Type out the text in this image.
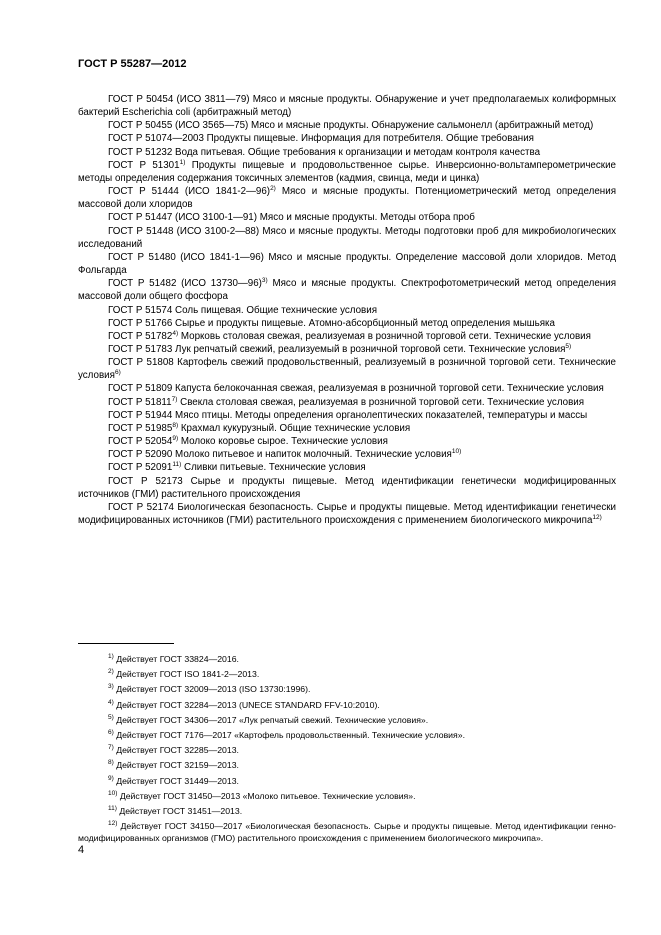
ГОСТ Р 55287—2012

ГОСТ Р 50454 (ИСО 3811—79) Мясо и мясные продукты. Обнаружение и учет предполагаемых колиформных бактерий Escherichia coli (арбитражный метод)

ГОСТ Р 50455 (ИСО 3565—75) Мясо и мясные продукты. Обнаружение сальмонелл (арбитражный метод)

ГОСТ Р 51074—2003 Продукты пищевые. Информация для потребителя. Общие требования

ГОСТ Р 51232 Вода питьевая. Общие требования к организации и методам контроля качества

ГОСТ Р 51301$^{1)}$ Продукты пищевые и продовольственное сырье. Инверсионно-вольтамперометрические методы определения содержания токсичных элементов (кадмия, свинца, меди и цинка)

ГОСТ Р 51444 (ИСО 1841-2—96)$^{2)}$ Мясо и мясные продукты. Потенциометрический метод определения массовой доли хлоридов

ГОСТ Р 51447 (ИСО 3100-1—91) Мясо и мясные продукты. Методы отбора проб

ГОСТ Р 51448 (ИСО 3100-2—88) Мясо и мясные продукты. Методы подготовки проб для микробиологических исследований

ГОСТ Р 51480 (ИСО 1841-1—96) Мясо и мясные продукты. Определение массовой доли хлоридов. Метод Фольгарда

ГОСТ Р 51482 (ИСО 13730—96)$^{3)}$ Мясо и мясные продукты. Спектрофотометрический метод определения массовой доли общего фосфора

ГОСТ Р 51574 Соль пищевая. Общие технические условия

ГОСТ Р 51766 Сырье и продукты пищевые. Атомно-абсорбционный метод определения мышьяка

ГОСТ Р 51782$^{4)}$ Морковь столовая свежая, реализуемая в розничной торговой сети. Технические условия

ГОСТ Р 51783 Лук репчатый свежий, реализуемый в розничной торговой сети. Технические условия$^{5)}$

ГОСТ Р 51808 Картофель свежий продовольственный, реализуемый в розничной торговой сети. Технические условия$^{6)}$

ГОСТ Р 51809 Капуста белокочанная свежая, реализуемая в розничной торговой сети. Технические условия

ГОСТ Р 51811$^{7)}$ Свекла столовая свежая, реализуемая в розничной торговой сети. Технические условия

ГОСТ Р 51944 Мясо птицы. Методы определения органолептических показателей, температуры и массы

ГОСТ Р 51985$^{8)}$ Крахмал кукурузный. Общие технические условия

ГОСТ Р 52054$^{9)}$ Молоко коровье сырое. Технические условия

ГОСТ Р 52090 Молоко питьевое и напиток молочный. Технические условия$^{10)}$

ГОСТ Р 52091$^{11)}$ Сливки питьевые. Технические условия

ГОСТ Р 52173 Сырье и продукты пищевые. Метод идентификации генетически модифицированных источников (ГМИ) растительного происхождения

ГОСТ Р 52174 Биологическая безопасность. Сырье и продукты пищевые. Метод идентификации генетически модифицированных источников (ГМИ) растительного происхождения с применением биологического микрочипа$^{12)}$

$^{1)}$ Действует ГОСТ 33824—2016.

$^{2)}$ Действует ГОСТ ISO 1841-2—2013.

$^{3)}$ Действует ГОСТ 32009—2013 (ISO 13730:1996).

$^{4)}$ Действует ГОСТ 32284—2013 (UNECE STANDARD FFV-10:2010).

$^{5)}$ Действует ГОСТ 34306—2017 «Лук репчатый свежий. Технические условия».

$^{6)}$ Действует ГОСТ 7176—2017 «Картофель продовольственный. Технические условия».

$^{7)}$ Действует ГОСТ 32285—2013.

$^{8)}$ Действует ГОСТ 32159—2013.

$^{9)}$ Действует ГОСТ 31449—2013.

$^{10)}$ Действует ГОСТ 31450—2013 «Молоко питьевое. Технические условия».

$^{11)}$ Действует ГОСТ 31451—2013.

$^{12)}$ Действует ГОСТ 34150—2017 «Биологическая безопасность. Сырье и продукты пищевые. Метод идентификации генно-модифицированных организмов (ГМО) растительного происхождения с применением биологического микрочипа».

4
